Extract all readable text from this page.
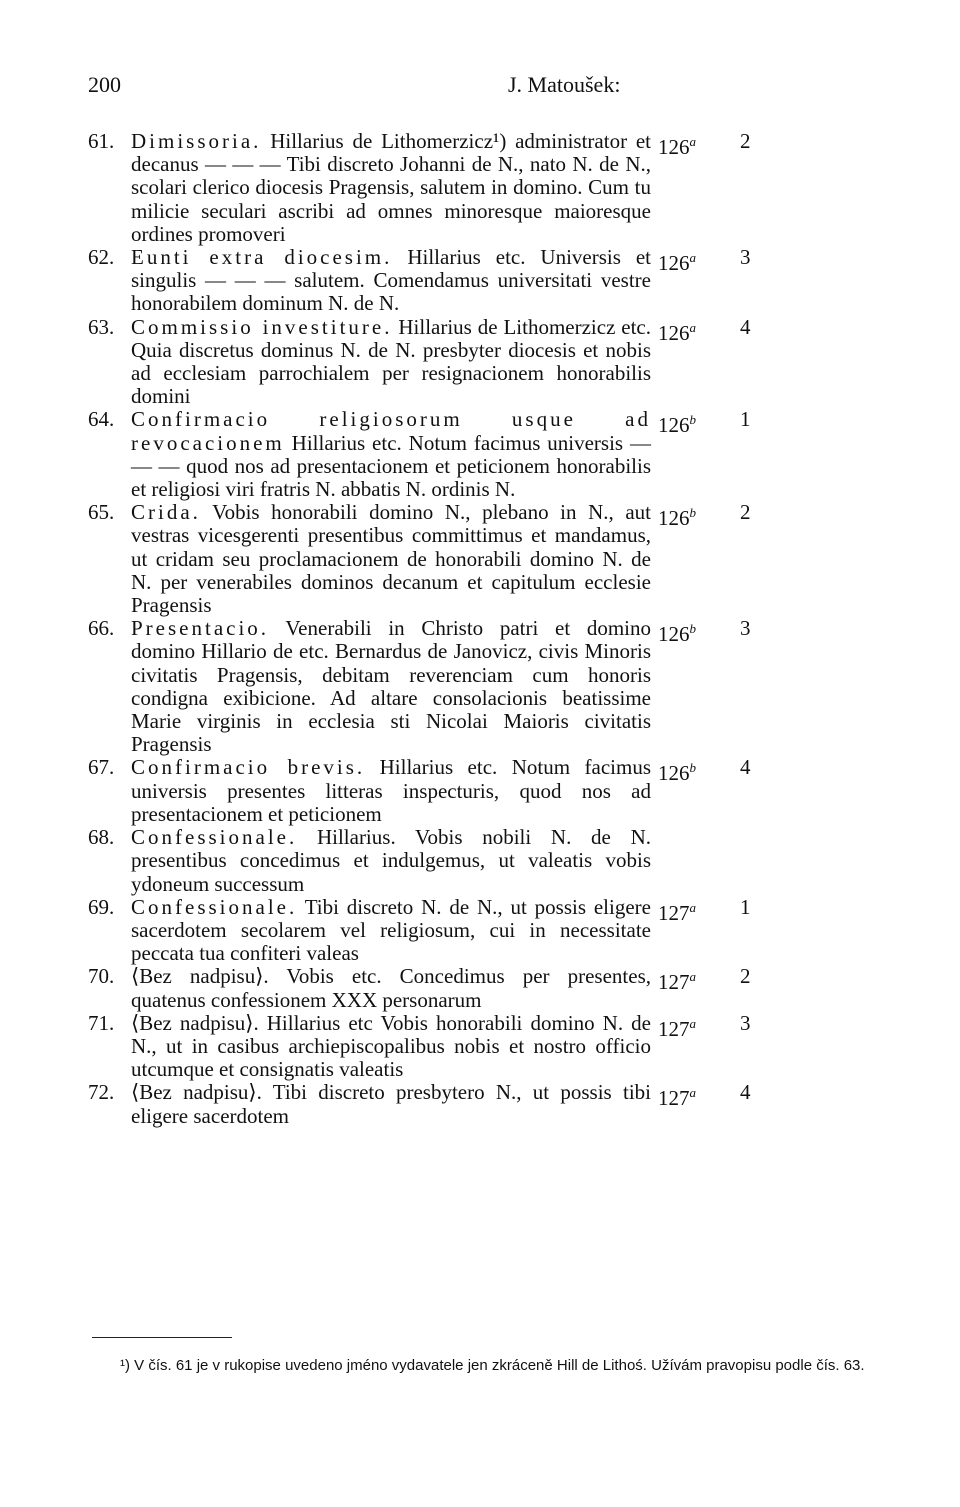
200	J. Matoušek:
61. Dimissoria. Hillarius de Lithomerzicz¹) administrator et decanus — — — Tibi discreto Johanni de N., nato N. de N., scolari clerico diocesis Pragensis, salutem in domino. Cum tu milicie seculari ascribi ad omnes minoresque maioresque ordines promoveri
126$^a$ 2
62. Eunti extra diocesim. Hillarius etc. Universis et singulis — — — salutem. Comendamus universitati vestre honorabilem dominum N. de N.
126$^a$ 3
63. Commissio investiture. Hillarius de Lithomerzicz etc. Quia discretus dominus N. de N. presbyter diocesis et nobis ad ecclesiam parrochialem per resignacionem honorabilis domini
126$^a$ 4
64. Confirmacio religiosorum usque ad revocacionem Hillarius etc. Notum facimus universis — — — quod nos ad presentacionem et peticionem honorabilis et religiosi viri fratris N. abbatis N. ordinis N.
126$^b$ 1
65. Crida. Vobis honorabili domino N., plebano in N., aut vestras vicesgerenti presentibus committimus et mandamus, ut cridam seu proclamacionem de honorabili domino N. de N. per venerabiles dominos decanum et capitulum ecclesie Pragensis
126$^b$ 2
66. Presentacio. Venerabili in Christo patri et domino domino Hillario de etc. Bernardus de Janovicz, civis Minoris civitatis Pragensis, debitam reverenciam cum honoris condigna exibicione. Ad altare consolacionis beatissime Marie virginis in ecclesia sti Nicolai Maioris civitatis Pragensis
126$^b$ 3
67. Confirmacio brevis. Hillarius etc. Notum facimus universis presentes litteras inspecturis, quod nos ad presentacionem et peticionem
126$^b$ 4
68. Confessionale. Hillarius. Vobis nobili N. de N. presentibus concedimus et indulgemus, ut valeatis vobis ydoneum successum
69. Confessionale. Tibi discreto N. de N., ut possis eligere sacerdotem secolarem vel religiosum, cui in necessitate peccata tua confiteri valeas
127$^a$ 1
70. ⟨Bez nadpisu⟩. Vobis etc. Concedimus per presentes, quatenus confessionem XXX personarum
127$^a$ 2
71. ⟨Bez nadpisu⟩. Hillarius etc Vobis honorabili domino N. de N., ut in casibus archiepiscopalibus nobis et nostro officio utcumque et consignatis valeatis
127$^a$ 3
72. ⟨Bez nadpisu⟩. Tibi discreto presbytero N., ut possis tibi eligere sacerdotem
127$^a$ 4
¹) V čís. 61 je v rukopise uvedeno jméno vydavatele jen zkráceně Hill de Lithoś. Užívám pravopisu podle čís. 63.
